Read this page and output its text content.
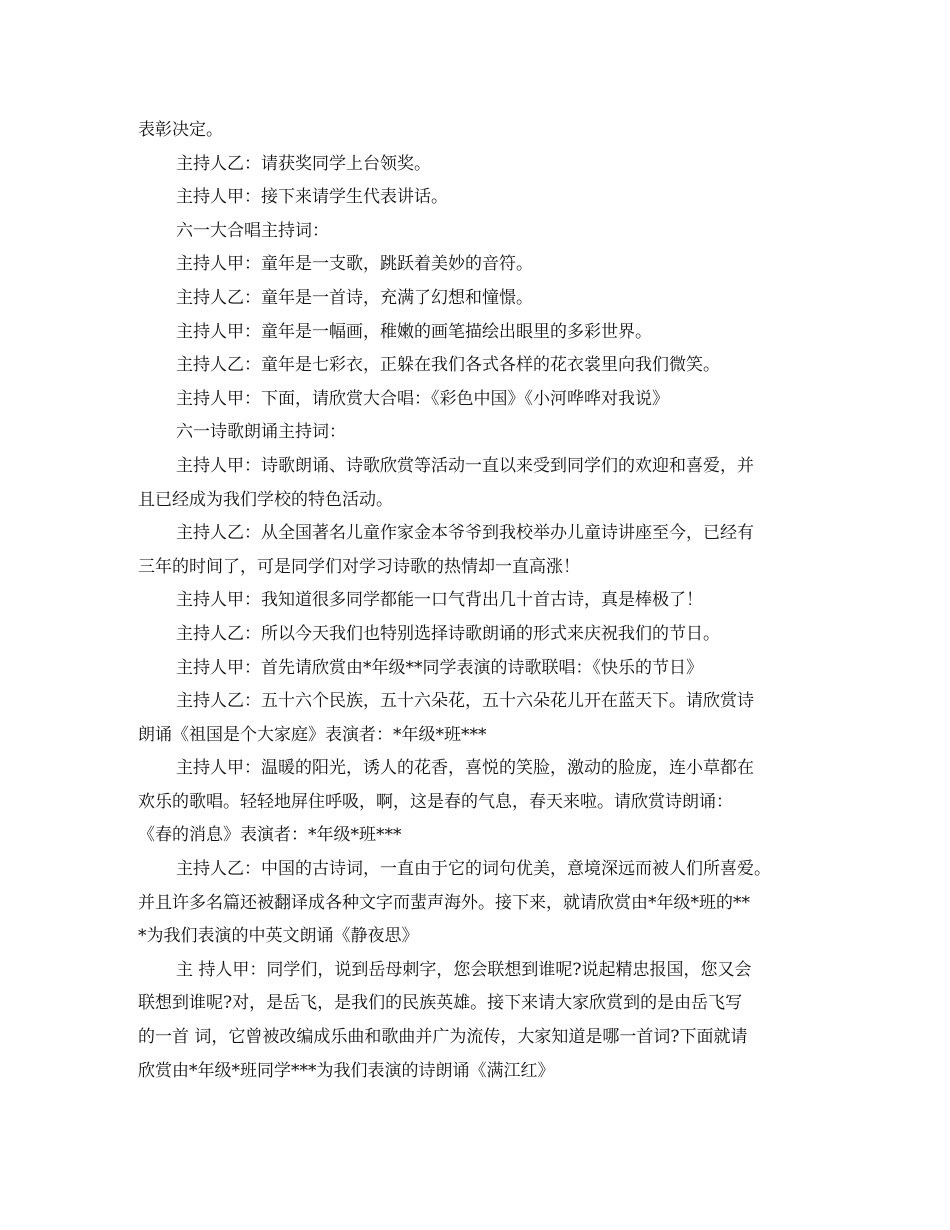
表彰决定。
主持人乙：请获奖同学上台领奖。
主持人甲：接下来请学生代表讲话。
六一大合唱主持词：
主持人甲：童年是一支歌，跳跃着美妙的音符。
主持人乙：童年是一首诗，充满了幻想和憧憬。
主持人甲：童年是一幅画，稚嫩的画笔描绘出眼里的多彩世界。
主持人乙：童年是七彩衣，正躲在我们各式各样的花衣裳里向我们微笑。
主持人甲：下面，请欣赏大合唱：《彩色中国》《小河哗哗对我说》
六一诗歌朗诵主持词：
主持人甲：诗歌朗诵、诗歌欣赏等活动一直以来受到同学们的欢迎和喜爱，并
且已经成为我们学校的特色活动。
主持人乙：从全国著名儿童作家金本爷爷到我校举办儿童诗讲座至今，已经有
三年的时间了，可是同学们对学习诗歌的热情却一直高涨！
主持人甲：我知道很多同学都能一口气背出几十首古诗，真是棒极了！
主持人乙：所以今天我们也特别选择诗歌朗诵的形式来庆祝我们的节日。
主持人甲：首先请欣赏由*年级**同学表演的诗歌联唱：《快乐的节日》
主持人乙：五十六个民族，五十六朵花，五十六朵花儿开在蓝天下。请欣赏诗
朗诵《祖国是个大家庭》表演者：*年级*班***
主持人甲：温暖的阳光，诱人的花香，喜悦的笑脸，激动的脸庞，连小草都在
欢乐的歌唱。轻轻地屏住呼吸，啊，这是春的气息，春天来啦。请欣赏诗朗诵：
《春的消息》表演者：*年级*班***
主持人乙：中国的古诗词，一直由于它的词句优美，意境深远而被人们所喜爱。
并且许多名篇还被翻译成各种文字而蜚声海外。接下来，就请欣赏由*年级*班的**
*为我们表演的中英文朗诵《静夜思》
主 持人甲：同学们，说到岳母刺字，您会联想到谁呢?说起精忠报国，您又会
联想到谁呢?对，是岳飞，是我们的民族英雄。接下来请大家欣赏到的是由岳飞写
的一首 词，它曾被改编成乐曲和歌曲并广为流传，大家知道是哪一首词?下面就请
欣赏由*年级*班同学***为我们表演的诗朗诵《满江红》
